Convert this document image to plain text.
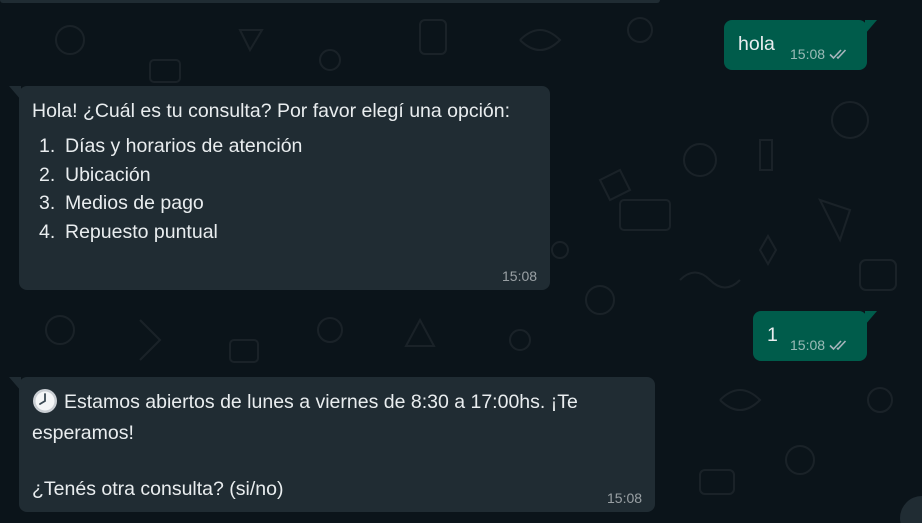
hola 15:08
Hola! ¿Cuál es tu consulta? Por favor elegí una opción:
1. Días y horarios de atención
2. Ubicación
3. Medios de pago
4. Repuesto puntual
15:08
1 15:08
Estamos abiertos de lunes a viernes de 8:30 a 17:00hs. ¡Te
esperamos!
¿Tenés otra consulta? (si/no)	15:08
